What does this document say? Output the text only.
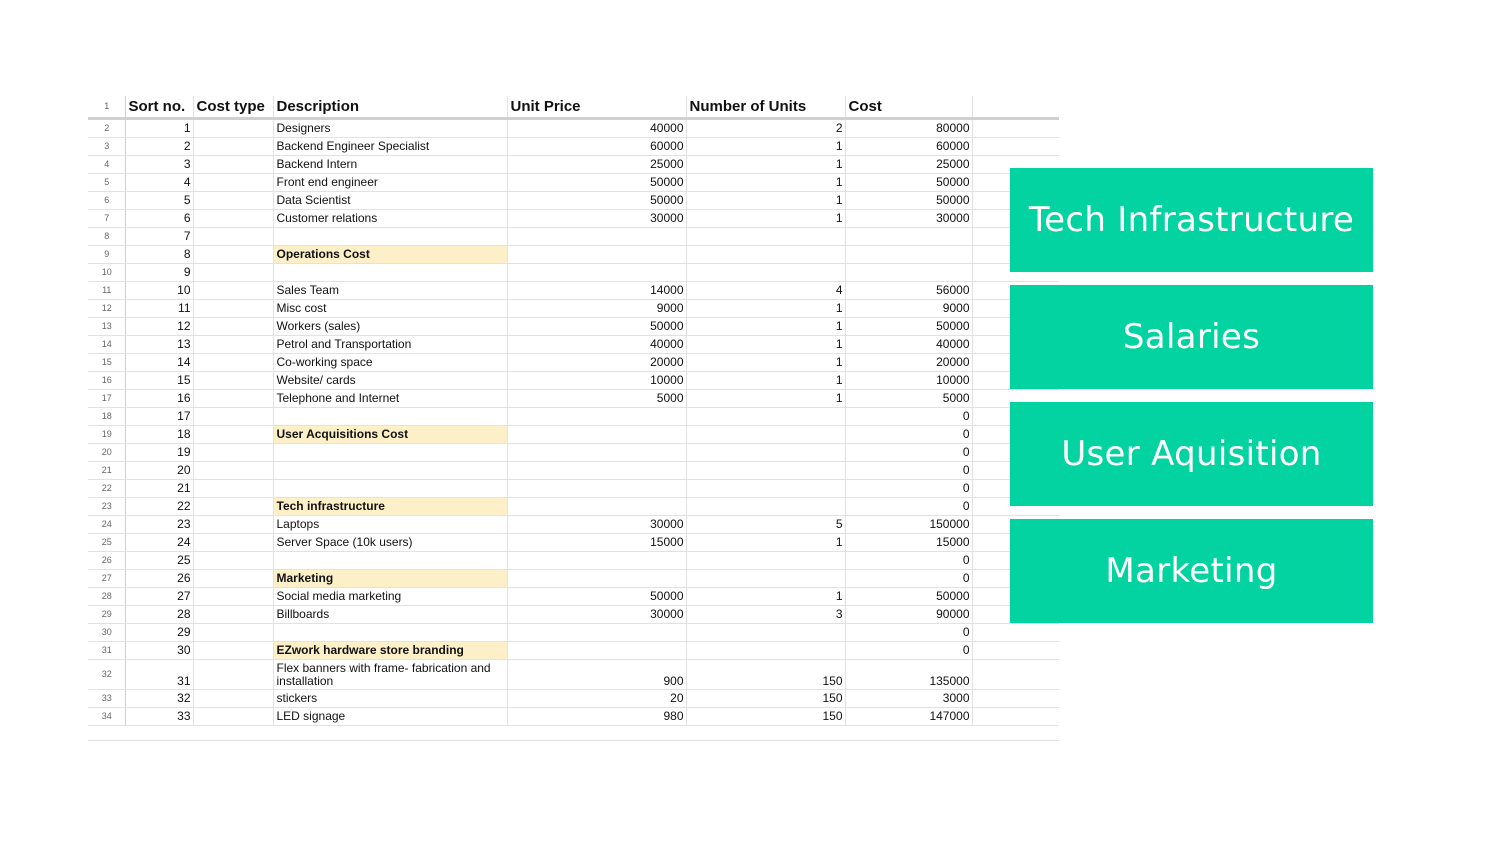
1	Sort no.	Cost type	Description	Unit Price	Number of Units	Cost	
2	1		Designers	40000	2	80000	
3	2		Backend Engineer Specialist	60000	1	60000	
4	3		Backend Intern	25000	1	25000	
5	4		Front end engineer	50000	1	50000	
6	5		Data Scientist	50000	1	50000	
7	6		Customer relations	30000	1	30000	
8	7						
9	8		Operations Cost				
10	9						
11	10		Sales Team	14000	4	56000	
12	11		Misc cost	9000	1	9000	
13	12		Workers (sales)	50000	1	50000	
14	13		Petrol and Transportation	40000	1	40000	
15	14		Co-working space	20000	1	20000	
16	15		Website/ cards	10000	1	10000	
17	16		Telephone and Internet	5000	1	5000	
18	17					0	
19	18		User Acquisitions Cost			0	
20	19					0	
21	20					0	
22	21					0	
23	22		Tech infrastructure			0	
24	23		Laptops	30000	5	150000	
25	24		Server Space (10k users)	15000	1	15000	
26	25					0	
27	26		Marketing			0	
28	27		Social media marketing	50000	1	50000	
29	28		Billboards	30000	3	90000	
30	29					0	
31	30		EZwork hardware store branding			0	
32	31		Flex banners with frame- fabrication and installation	900	150	135000	
33	32		stickers	20	150	3000	
34	33		LED signage	980	150	147000	
Tech Infrastructure
Salaries
User Aquisition
Marketing
